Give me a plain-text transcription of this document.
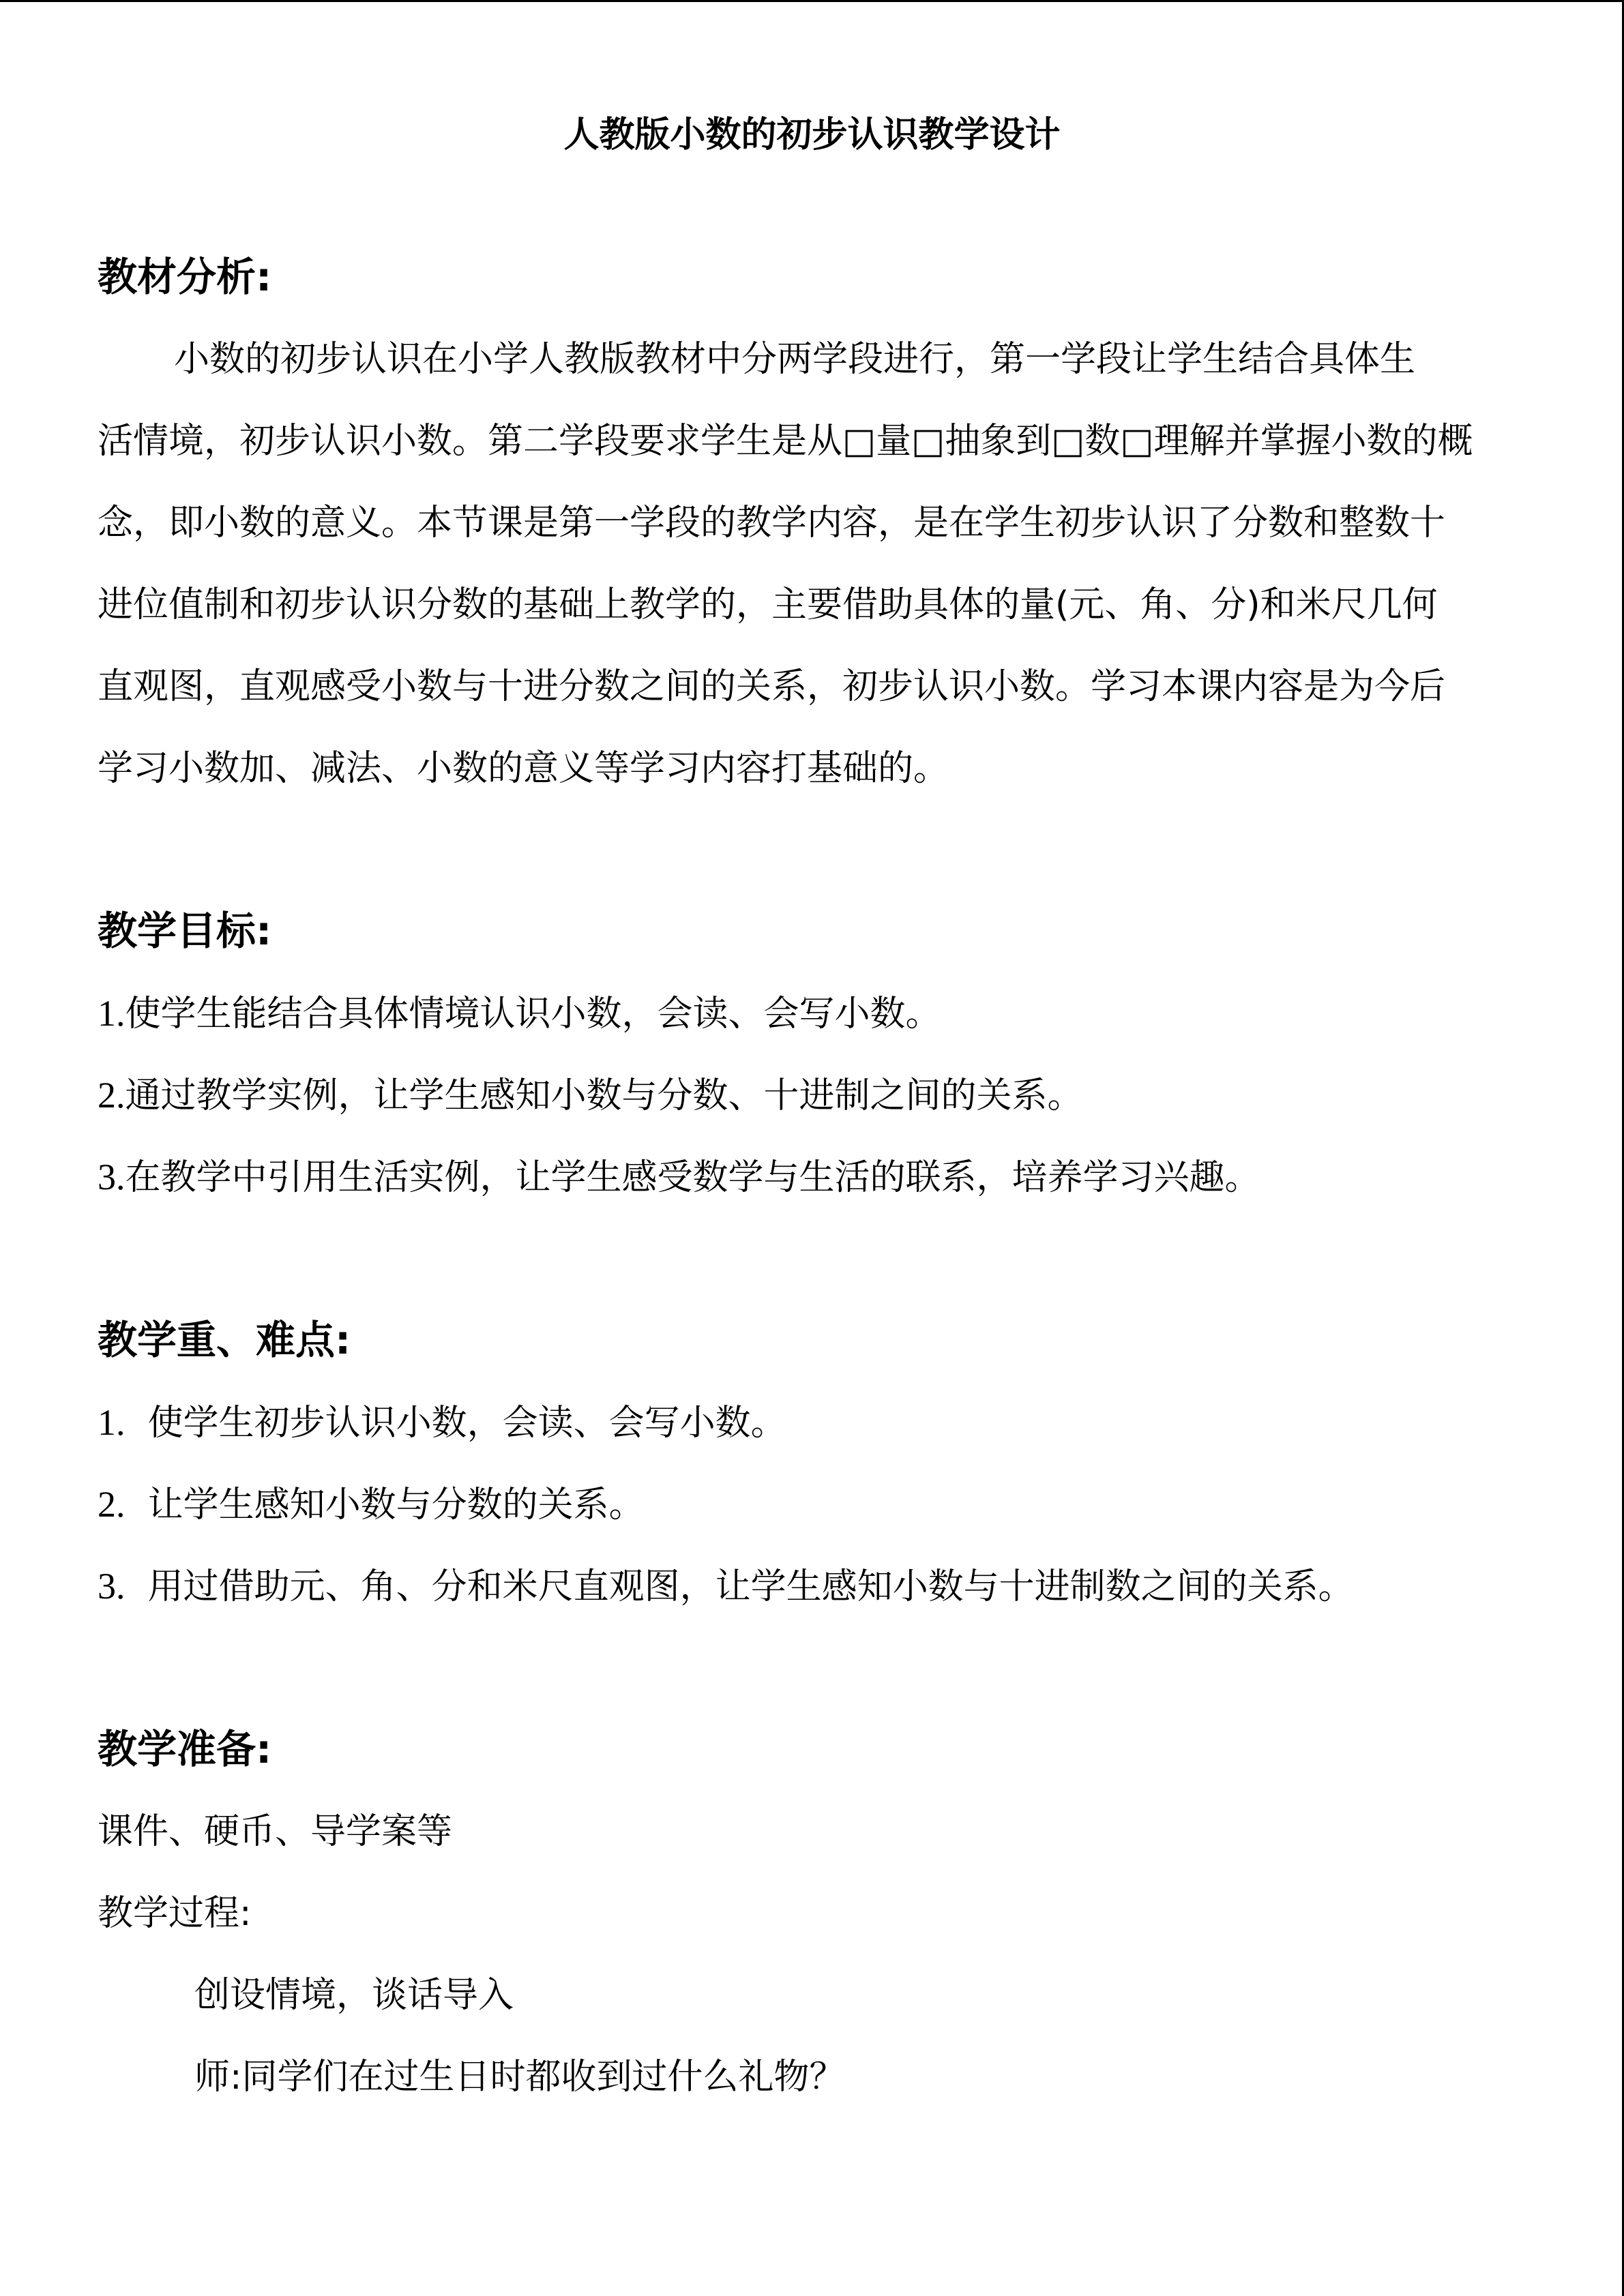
人教版小数的初步认识教学设计
教材分析:
小数的初步认识在小学人教版教材中分两学段进行，第一学段让学生结合具体生
活情境，初步认识小数。第二学段要求学生是从□量□抽象到□数□理解并掌握小数的概
念，即小数的意义。本节课是第一学段的教学内容，是在学生初步认识了分数和整数十
进位值制和初步认识分数的基础上教学的，主要借助具体的量(元、角、分)和米尺几何
直观图，直观感受小数与十进分数之间的关系，初步认识小数。学习本课内容是为今后
学习小数加、减法、小数的意义等学习内容打基础的。
教学目标:
1.使学生能结合具体情境认识小数，会读、会写小数。
2.通过教学实例，让学生感知小数与分数、十进制之间的关系。
3.在教学中引用生活实例，让学生感受数学与生活的联系，培养学习兴趣。
教学重、难点:
1. 使学生初步认识小数，会读、会写小数。
2. 让学生感知小数与分数的关系。
3. 用过借助元、角、分和米尺直观图，让学生感知小数与十进制数之间的关系。
教学准备:
课件、硬币、导学案等
教学过程:
创设情境，谈话导入
师:同学们在过生日时都收到过什么礼物？
